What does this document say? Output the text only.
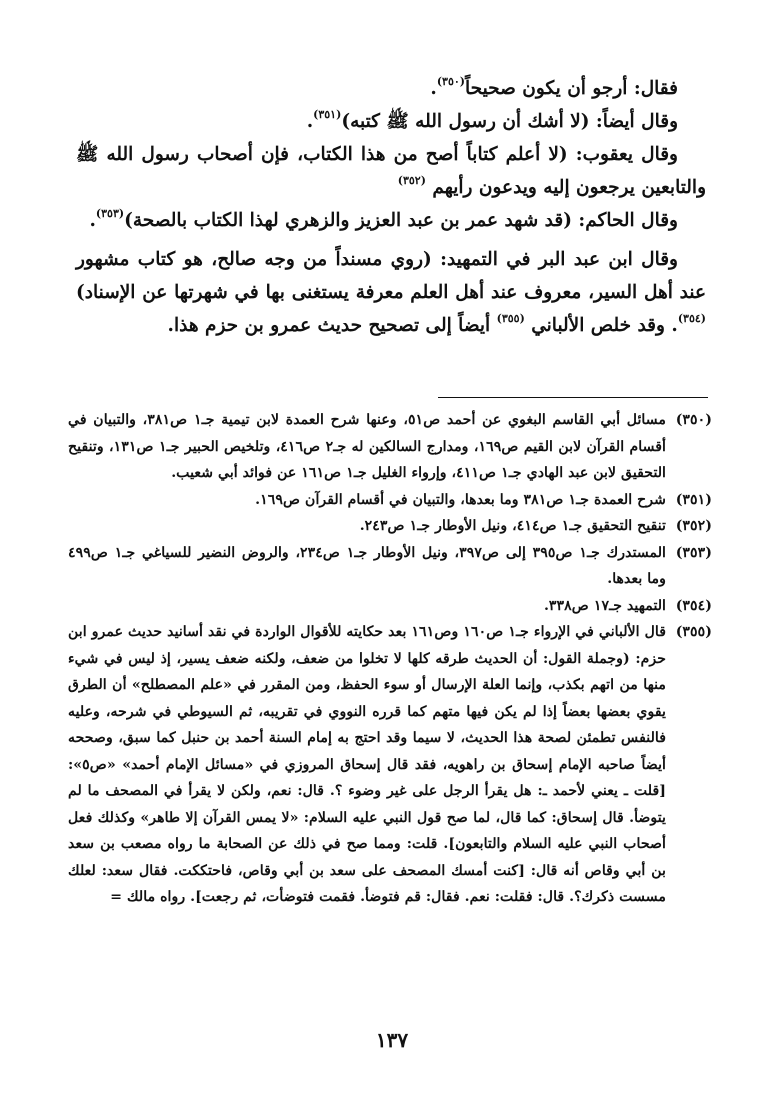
فقال: أرجو أن يكون صحيحاً$^{(٣٥٠)}$.

وقال أيضاً: (لا أشك أن رسول الله ﷺ كتبه)$^{(٣٥١)}$.

وقال يعقوب: (لا أعلم كتاباً أصح من هذا الكتاب، فإن أصحاب رسول الله ﷺ والتابعين يرجعون إليه ويدعون رأيهم $^{(٣٥٢)}$

وقال الحاكم: (قد شهد عمر بن عبد العزيز والزهري لهذا الكتاب بالصحة)$^{(٣٥٣)}$.

وقال ابن عبد البر في التمهيد: (روي مسنداً من وجه صالح، هو كتاب مشهور عند أهل السير، معروف عند أهل العلم معرفة يستغنى بها في شهرتها عن الإسناد)$^{(٣٥٤)}$. وقد خلص الألباني $^{(٣٥٥)}$ أيضاً إلى تصحيح حديث عمرو بن حزم هذا.

(٣٥٠)مسائل أبي القاسم البغوي عن أحمد ص٥١، وعنها شرح العمدة لابن تيمية جـ١ ص٣٨١، والتبيان في أقسام القرآن لابن القيم ص١٦٩، ومدارج السالكين له جـ٢ ص٤١٦، وتلخيص الحبير جـ١ ص١٣١، وتنقيح التحقيق لابن عبد الهادي جـ١ ص٤١١، وإرواء الغليل جـ١ ص١٦١ عن فوائد أبي شعيب.

(٣٥١)شرح العمدة جـ١ ص٣٨١ وما بعدها، والتبيان في أقسام القرآن ص١٦٩.

(٣٥٢)تنقيح التحقيق جـ١ ص٤١٤، ونيل الأوطار جـ١ ص٢٤٣.

(٣٥٣)المستدرك جـ١ ص٣٩٥ إلى ص٣٩٧، ونيل الأوطار جـ١ ص٢٣٤، والروض النضير للسياغي جـ١ ص٤٩٩ وما بعدها.

(٣٥٤)التمهيد جـ١٧ ص٣٣٨.

(٣٥٥)قال الألباني في الإرواء جـ١ ص١٦٠ وص١٦١ بعد حكايته للأقوال الواردة في نقد أسانيد حديث عمرو ابن حزم: (وجملة القول: أن الحديث طرقه كلها لا تخلوا من ضعف، ولكنه ضعف يسير، إذ ليس في شيء منها من اتهم بكذب، وإنما العلة الإرسال أو سوء الحفظ، ومن المقرر في «علم المصطلح» أن الطرق يقوي بعضها بعضاً إذا لم يكن فيها متهم كما قرره النووي في تقريبه، ثم السيوطي في شرحه، وعليه فالنفس تطمئن لصحة هذا الحديث، لا سيما وقد احتج به إمام السنة أحمد بن حنبل كما سبق، وصححه أيضاً صاحبه الإمام إسحاق بن راهويه، فقد قال إسحاق المروزي في «مسائل الإمام أحمد» «ص٥»: [قلت ـ يعني لأحمد ـ: هل يقرأ الرجل على غير وضوء ؟. قال: نعم، ولكن لا يقرأ في المصحف ما لم يتوضأ. قال إسحاق: كما قال، لما صح قول النبي عليه السلام: «لا يمس القرآن إلا طاهر» وكذلك فعل أصحاب النبي عليه السلام والتابعون]. قلت: ومما صح في ذلك عن الصحابة ما رواه مصعب بن سعد بن أبي وقاص أنه قال: [كنت أمسك المصحف على سعد بن أبي وقاص، فاحتككت. فقال سعد: لعلك مسست ذكرك؟. قال: فقلت: نعم. فقال: قم فتوضأ. فقمت فتوضأت، ثم رجعت]. رواه مالك =

١٣٧
